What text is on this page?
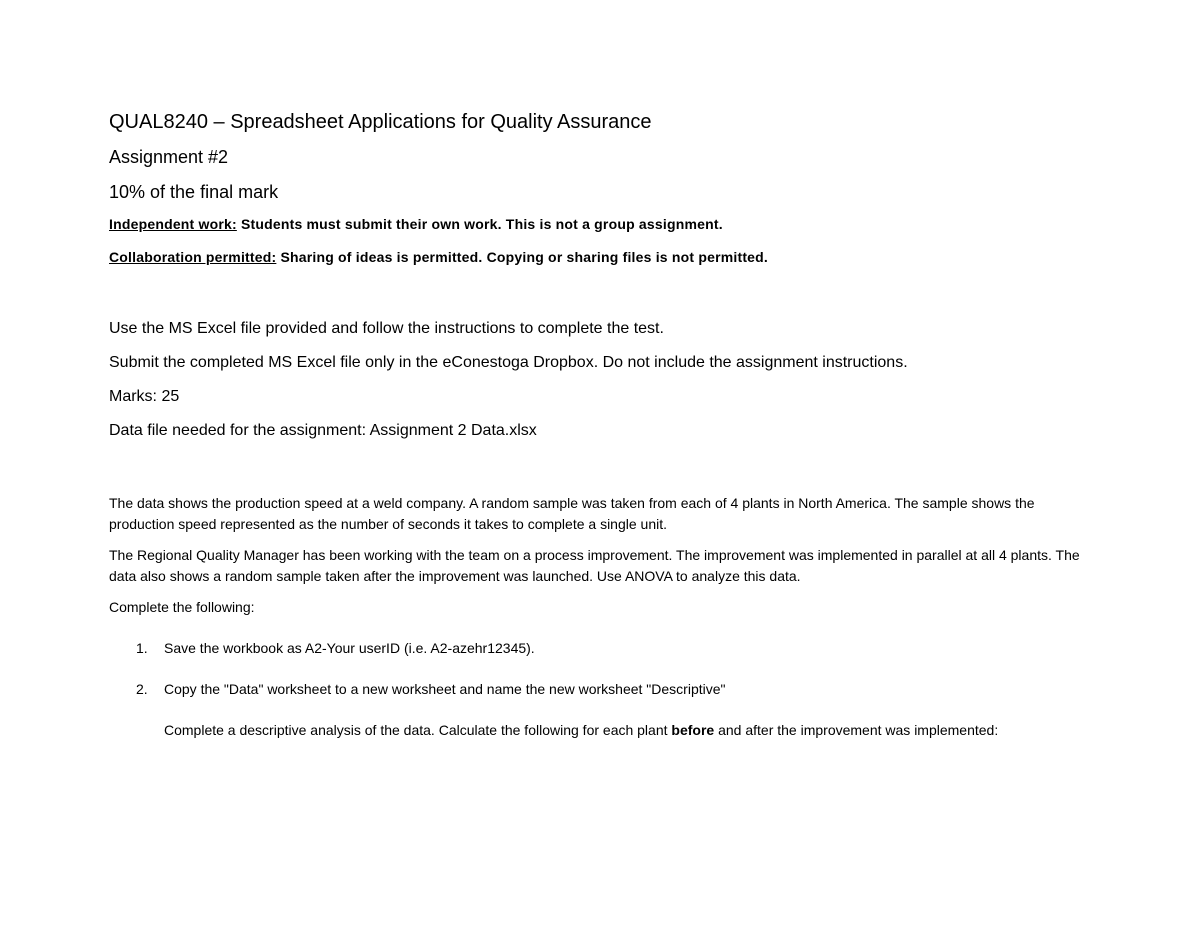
QUAL8240 – Spreadsheet Applications for Quality Assurance
Assignment #2
10% of the final mark
Independent work: Students must submit their own work. This is not a group assignment.
Collaboration permitted: Sharing of ideas is permitted. Copying or sharing files is not permitted.
Use the MS Excel file provided and follow the instructions to complete the test.
Submit the completed MS Excel file only in the eConestoga Dropbox. Do not include the assignment instructions.
Marks: 25
Data file needed for the assignment: Assignment 2 Data.xlsx
The data shows the production speed at a weld company. A random sample was taken from each of 4 plants in North America. The sample shows the production speed represented as the number of seconds it takes to complete a single unit.
The Regional Quality Manager has been working with the team on a process improvement. The improvement was implemented in parallel at all 4 plants. The data also shows a random sample taken after the improvement was launched. Use ANOVA to analyze this data.
Complete the following:
1. Save the workbook as A2-Your userID (i.e. A2-azehr12345).
2. Copy the "Data" worksheet to a new worksheet and name the new worksheet "Descriptive"
Complete a descriptive analysis of the data. Calculate the following for each plant before and after the improvement was implemented:
